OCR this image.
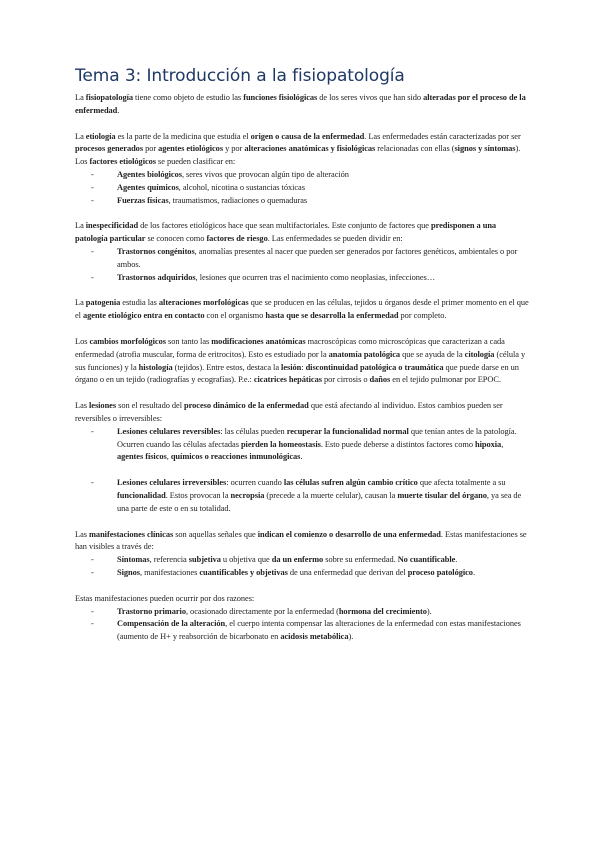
Tema 3: Introducción a la fisiopatología

La fisiopatología tiene como objeto de estudio las funciones fisiológicas de los seres vivos que han sido alteradas por el proceso de la enfermedad.

La etiología es la parte de la medicina que estudia el origen o causa de la enfermedad. Las enfermedades están caracterizadas por ser procesos generados por agentes etiológicos y por alteraciones anatómicas y fisiológicas relacionadas con ellas (signos y síntomas). Los factores etiológicos se pueden clasificar en:

- Agentes biológicos, seres vivos que provocan algún tipo de alteración
- Agentes químicos, alcohol, nicotina o sustancias tóxicas
- Fuerzas físicas, traumatismos, radiaciones o quemaduras

La inespecificidad de los factores etiológicos hace que sean multifactoriales. Este conjunto de factores que predisponen a una patología particular se conocen como factores de riesgo. Las enfermedades se pueden dividir en:

- Trastornos congénitos, anomalías presentes al nacer que pueden ser generados por factores genéticos, ambientales o por ambos.
- Trastornos adquiridos, lesiones que ocurren tras el nacimiento como neoplasias, infecciones…

La patogenia estudia las alteraciones morfológicas que se producen en las células, tejidos u órganos desde el primer momento en el que el agente etiológico entra en contacto con el organismo hasta que se desarrolla la enfermedad por completo.

Los cambios morfológicos son tanto las modificaciones anatómicas macroscópicas como microscópicas que caracterizan a cada enfermedad (atrofia muscular, forma de eritrocitos). Esto es estudiado por la anatomía patológica que se ayuda de la citología (célula y sus funciones) y la histología (tejidos). Entre estos, destaca la lesión: discontinuidad patológica o traumática que puede darse en un órgano o en un tejido (radiografías y ecografías). P.e.: cicatrices hepáticas por cirrosis o daños en el tejido pulmonar por EPOC.

Las lesiones son el resultado del proceso dinámico de la enfermedad que está afectando al individuo. Estos cambios pueden ser reversibles o irreversibles:

- Lesiones celulares reversibles: las células pueden recuperar la funcionalidad normal que tenían antes de la patología. Ocurren cuando las células afectadas pierden la homeostasis. Esto puede deberse a distintos factores como hipoxia, agentes físicos, químicos o reacciones inmunológicas.
- Lesiones celulares irreversibles: ocurren cuando las células sufren algún cambio crítico que afecta totalmente a su funcionalidad. Estos provocan la necropsia (precede a la muerte celular), causan la muerte tisular del órgano, ya sea de una parte de este o en su totalidad.

Las manifestaciones clínicas son aquellas señales que indican el comienzo o desarrollo de una enfermedad. Estas manifestaciones se han visibles a través de:

- Síntomas, referencia subjetiva u objetiva que da un enfermo sobre su enfermedad. No cuantificable.
- Signos, manifestaciones cuantificables y objetivas de una enfermedad que derivan del proceso patológico.

Estas manifestaciones pueden ocurrir por dos razones:

- Trastorno primario, ocasionado directamente por la enfermedad (hormona del crecimiento).
- Compensación de la alteración, el cuerpo intenta compensar las alteraciones de la enfermedad con estas manifestaciones (aumento de H+ y reabsorción de bicarbonato en acidosis metabólica).
